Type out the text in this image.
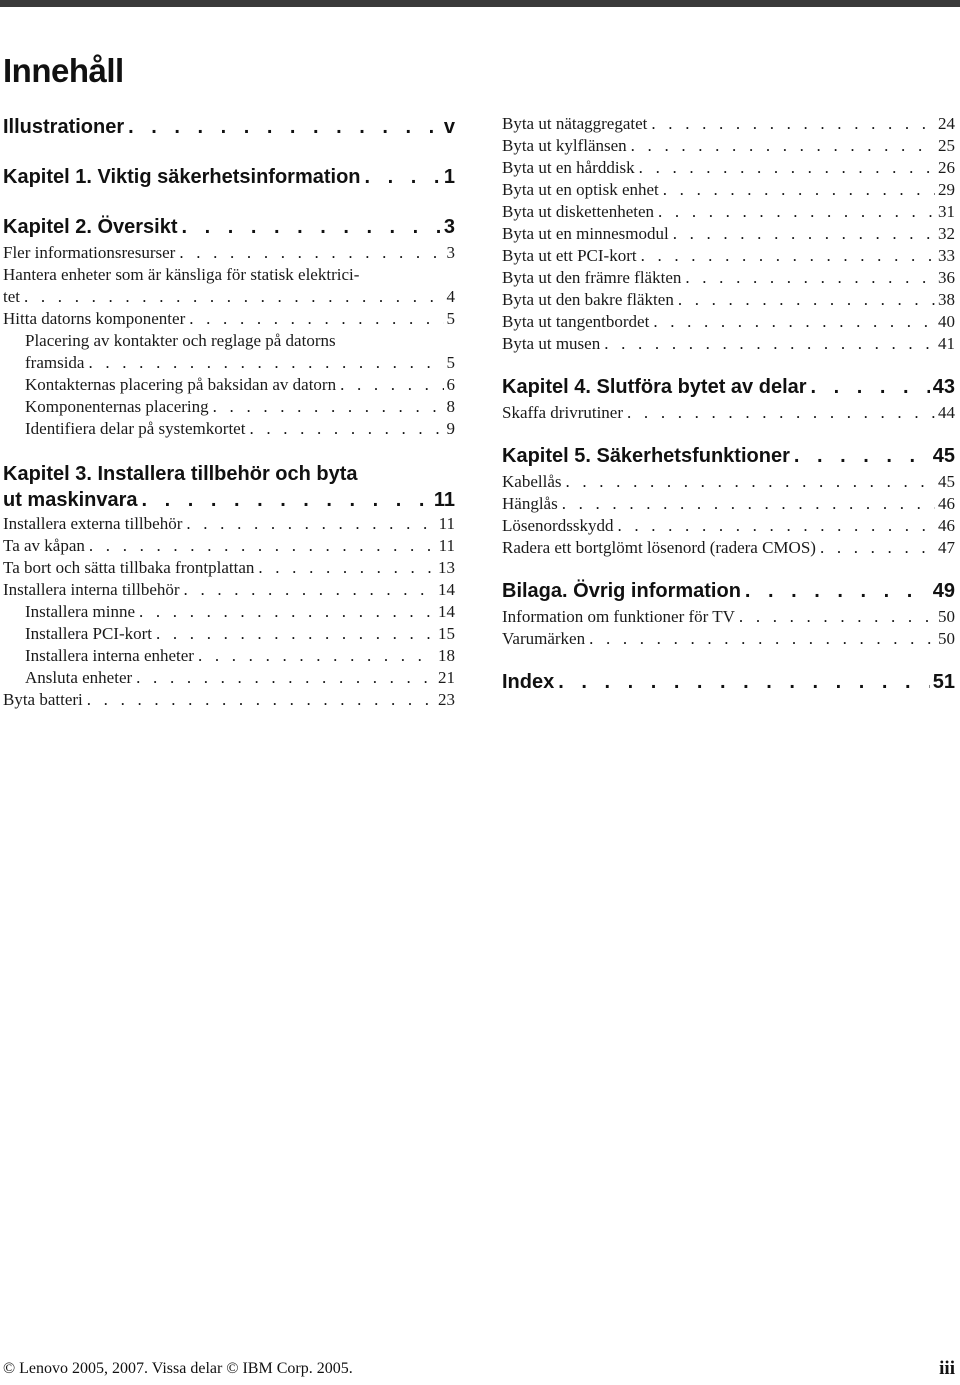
Innehåll
Illustrationer . . .	v
Kapitel 1. Viktig säkerhetsinformation . . .	1
Kapitel 2. Översikt . . .	3
Fler informationsresurser . . .	3
Hantera enheter som är känsliga för statisk elektrici-
tet . . .	4
Hitta datorns komponenter . . .	5
Placering av kontakter och reglage på datorns
framsida . . .	5
Kontakternas placering på baksidan av datorn . . .	6
Komponenternas placering . . .	8
Identifiera delar på systemkortet . . .	9
Kapitel 3. Installera tillbehör och byta
ut maskinvara . . .	11
Installera externa tillbehör . . .	11
Ta av kåpan . . .	11
Ta bort och sätta tillbaka frontplattan . . .	13
Installera interna tillbehör . . .	14
Installera minne . . .	14
Installera PCI-kort . . .	15
Installera interna enheter . . .	18
Ansluta enheter . . .	21
Byta batteri . . .	23
Byta ut nätaggregatet . . .	24
Byta ut kylflänsen . . .	25
Byta ut en hårddisk . . .	26
Byta ut en optisk enhet . . .	29
Byta ut diskettenheten . . .	31
Byta ut en minnesmodul . . .	32
Byta ut ett PCI-kort . . .	33
Byta ut den främre fläkten . . .	36
Byta ut den bakre fläkten . . .	38
Byta ut tangentbordet . . .	40
Byta ut musen . . .	41
Kapitel 4. Slutföra bytet av delar . . .	43
Skaffa drivrutiner . . .	44
Kapitel 5. Säkerhetsfunktioner . . .	45
Kabellås . . .	45
Hänglås . . .	46
Lösenordsskydd . . .	46
Radera ett bortglömt lösenord (radera CMOS) . . .	47
Bilaga. Övrig information . . .	49
Information om funktioner för TV . . .	50
Varumärken . . .	50
Index . . .	51
© Lenovo 2005, 2007. Vissa delar © IBM Corp. 2005.	iii
